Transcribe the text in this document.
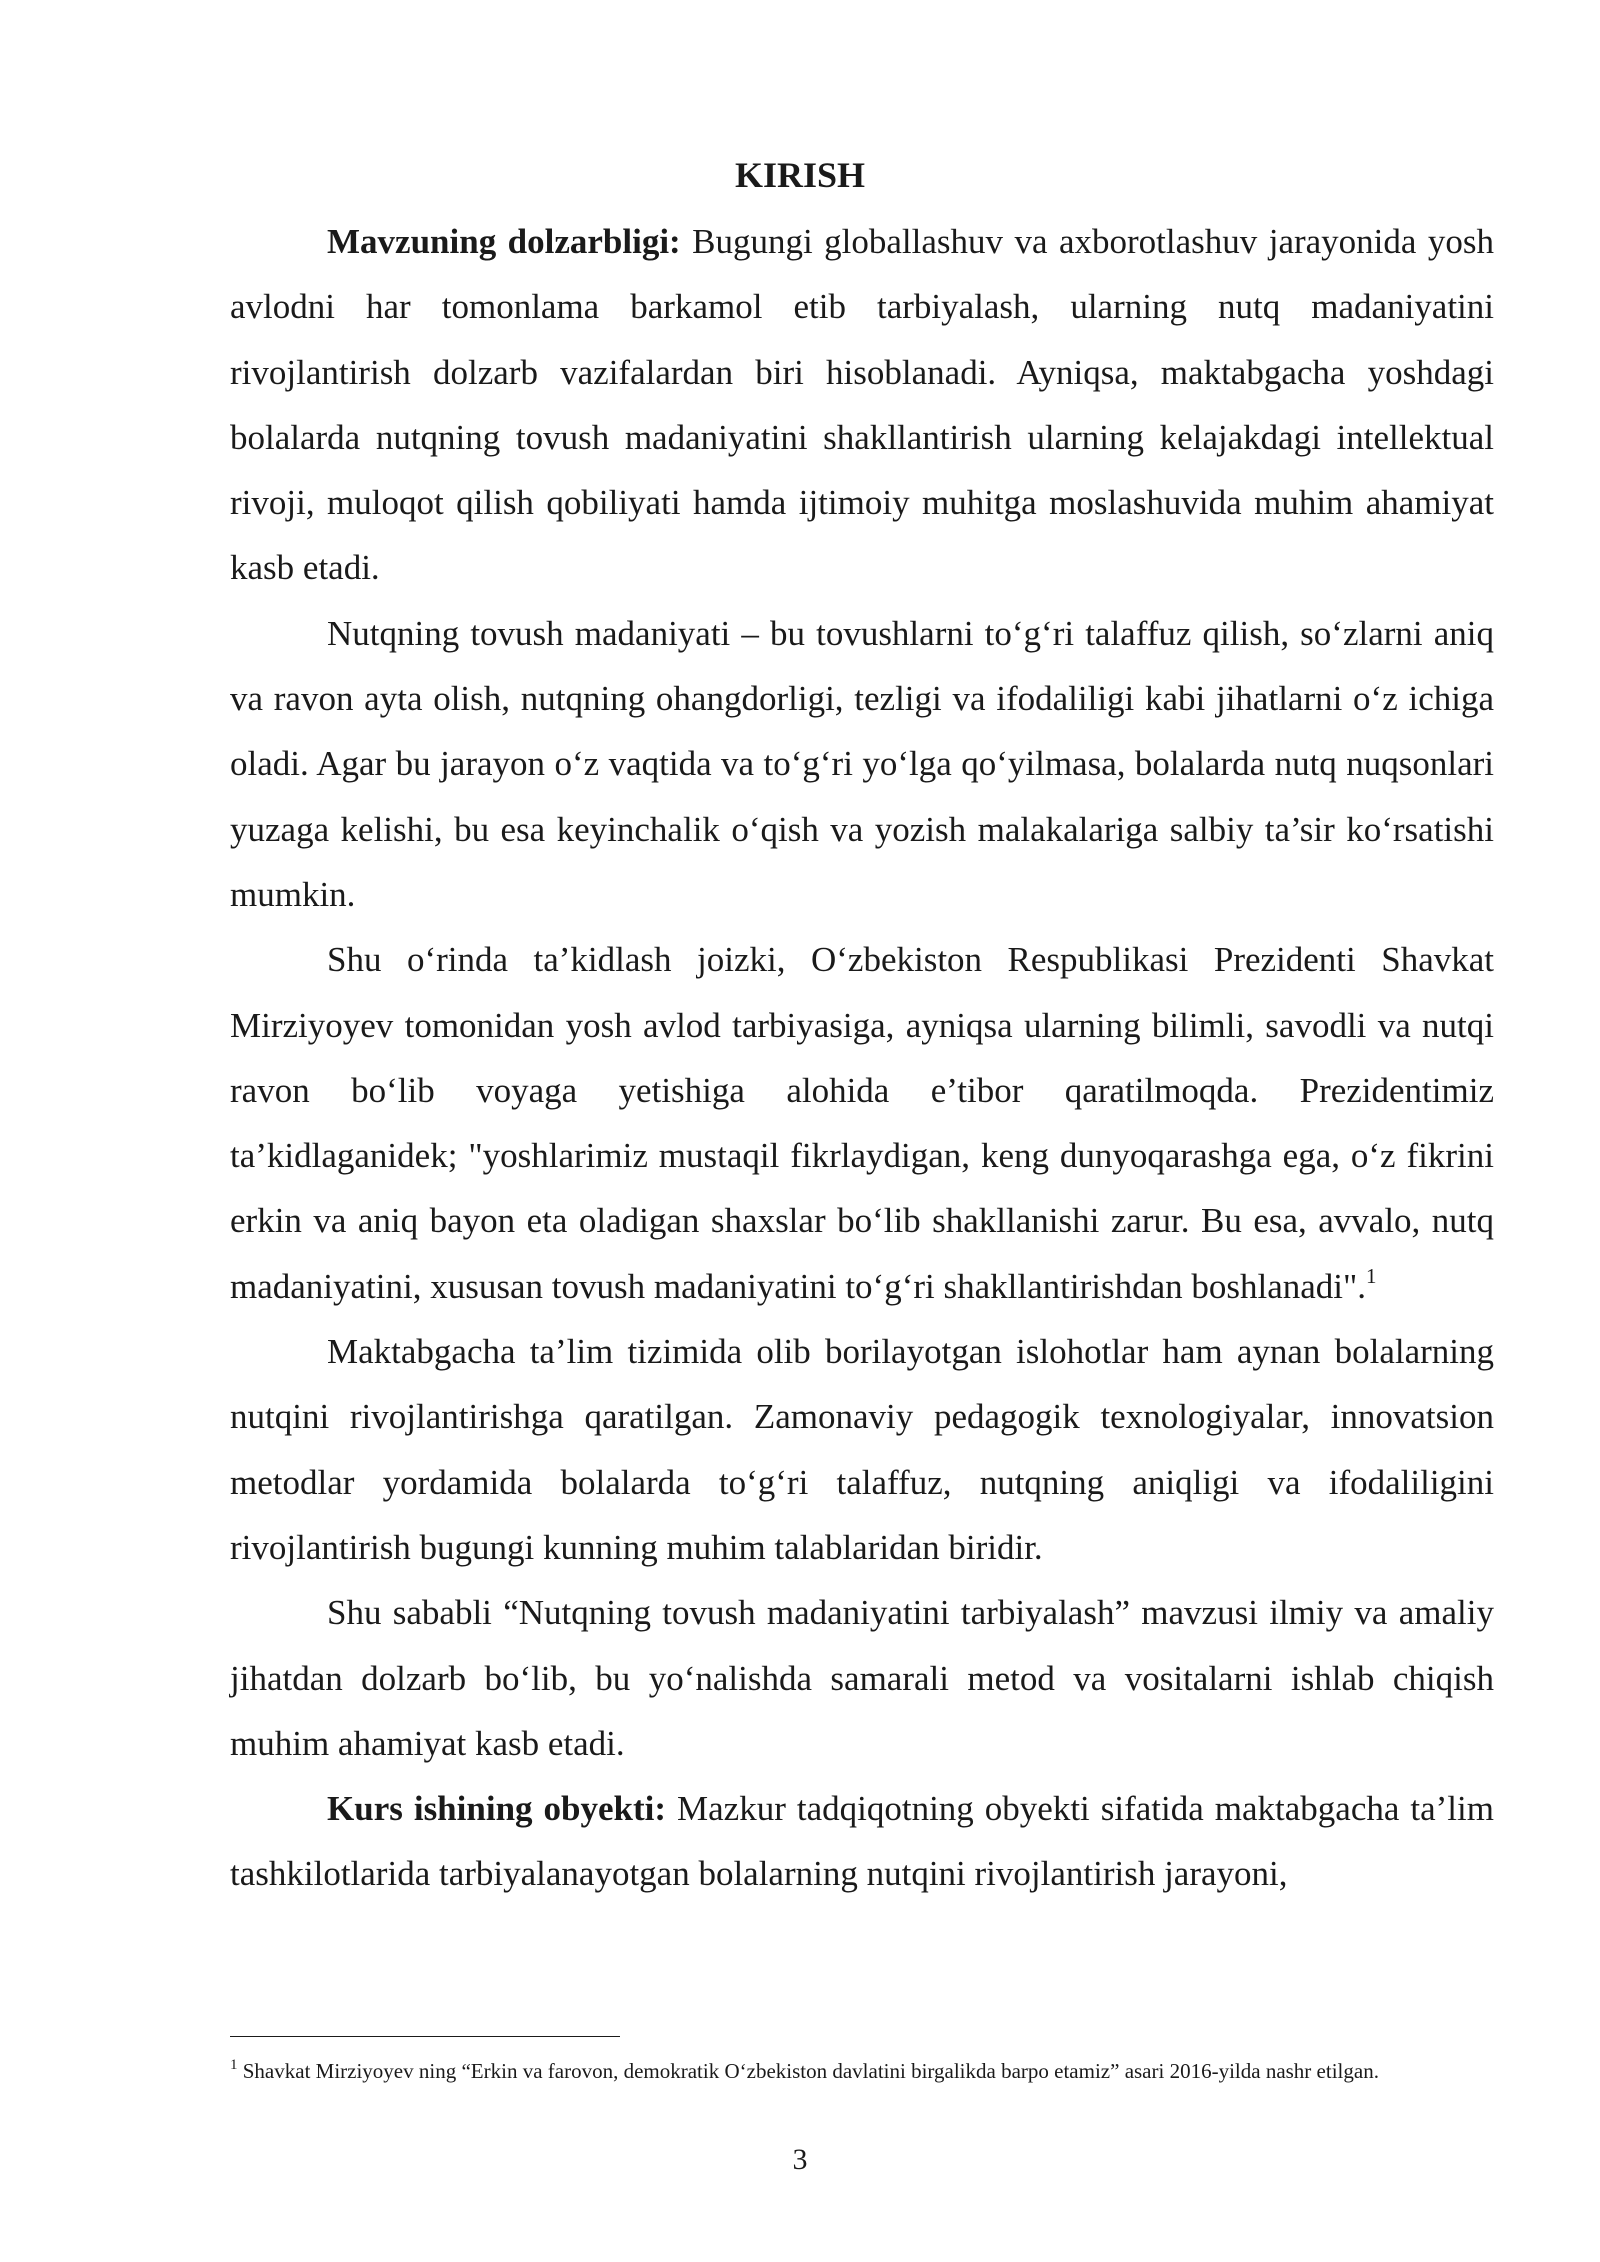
KIRISH

Mavzuning dolzarbligi: Bugungi globallashuv va axborotlashuv jarayonida yosh avlodni har tomonlama barkamol etib tarbiyalash, ularning nutq madaniyatini rivojlantirish dolzarb vazifalardan biri hisoblanadi. Ayniqsa, maktabgacha yoshdagi bolalarda nutqning tovush madaniyatini shakllantirish ularning kelajakdagi intellektual rivoji, muloqot qilish qobiliyati hamda ijtimoiy muhitga moslashuvida muhim ahamiyat kasb etadi.

Nutqning tovush madaniyati – bu tovushlarni to‘g‘ri talaffuz qilish, so‘zlarni aniq va ravon ayta olish, nutqning ohangdorligi, tezligi va ifodaliligi kabi jihatlarni o‘z ichiga oladi. Agar bu jarayon o‘z vaqtida va to‘g‘ri yo‘lga qo‘yilmasa, bolalarda nutq nuqsonlari yuzaga kelishi, bu esa keyinchalik o‘qish va yozish malakalariga salbiy ta’sir ko‘rsatishi mumkin.

Shu o‘rinda ta’kidlash joizki, O‘zbekiston Respublikasi Prezidenti Shavkat Mirziyoyev tomonidan yosh avlod tarbiyasiga, ayniqsa ularning bilimli, savodli va nutqi ravon bo‘lib voyaga yetishiga alohida e’tibor qaratilmoqda. Prezidentimiz ta’kidlaganidek; "yoshlarimiz mustaqil fikrlaydigan, keng dunyoqarashga ega, o‘z fikrini erkin va aniq bayon eta oladigan shaxslar bo‘lib shakllanishi zarur. Bu esa, avvalo, nutq madaniyatini, xususan tovush madaniyatini to‘g‘ri shakllantirishdan boshlanadi".$^1$

Maktabgacha ta’lim tizimida olib borilayotgan islohotlar ham aynan bolalarning nutqini rivojlantirishga qaratilgan. Zamonaviy pedagogik texnologiyalar, innovatsion metodlar yordamida bolalarda to‘g‘ri talaffuz, nutqning aniqligi va ifodaliligini rivojlantirish bugungi kunning muhim talablaridan biridir.

Shu sababli “Nutqning tovush madaniyatini tarbiyalash” mavzusi ilmiy va amaliy jihatdan dolzarb bo‘lib, bu yo‘nalishda samarali metod va vositalarni ishlab chiqish muhim ahamiyat kasb etadi.

Kurs ishining obyekti: Mazkur tadqiqotning obyekti sifatida maktabgacha ta’lim tashkilotlarida tarbiyalanayotgan bolalarning nutqini rivojlantirish jarayoni,

$^1$ Shavkat Mirziyoyev ning “Erkin va farovon, demokratik O‘zbekiston davlatini birgalikda barpo etamiz” asari 2016-yilda nashr etilgan.

3
